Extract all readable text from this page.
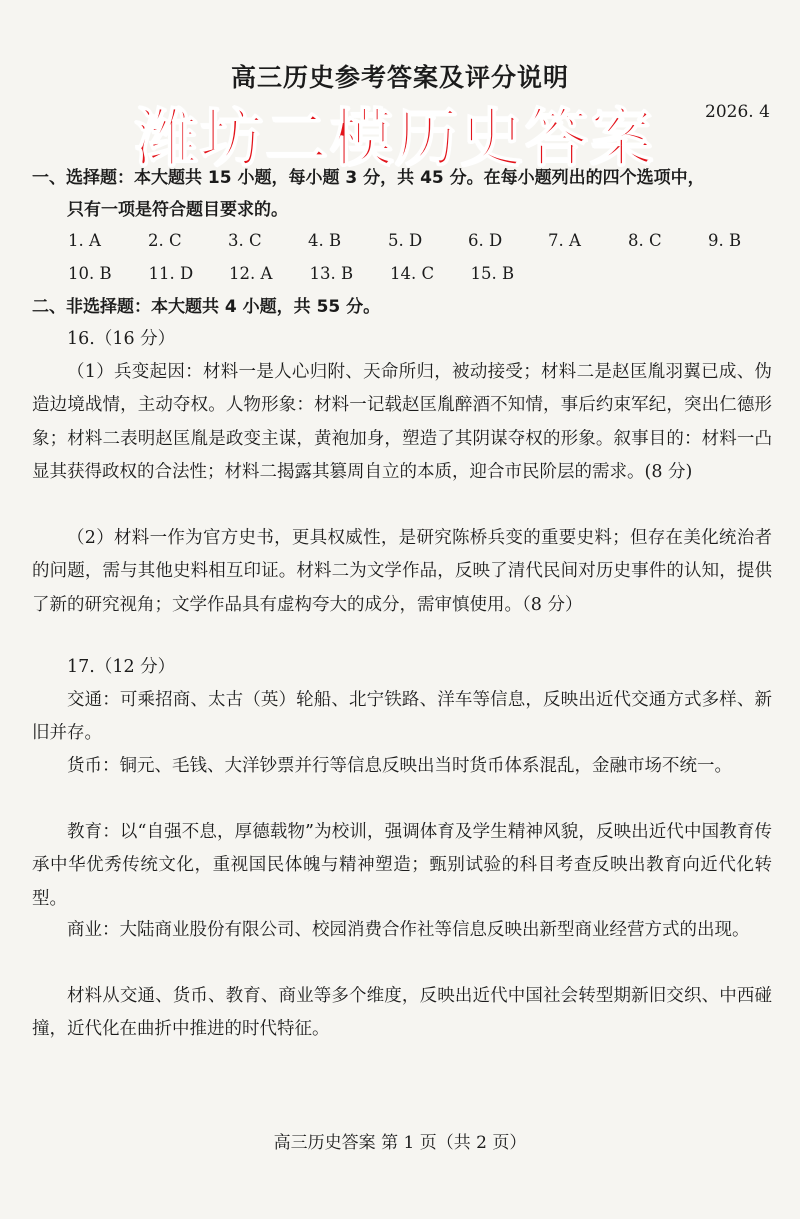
高三历史参考答案及评分说明
潍坊二模历史答案	2026. 4
一、选择题：本大题共 15 小题，每小题 3 分，共 45 分。在每小题列出的四个选项中，
只有一项是符合题目要求的。
1. A	2. C	3. C	4. B	5. D	6. D	7. A	8. C	9. B
10. B	11. D	12. A	13. B	14. C	15. B
二、非选择题：本大题共 4 小题，共 55 分。
16.（16 分）
（1）兵变起因：材料一是人心归附、天命所归，被动接受；材料二是赵匡胤羽翼已成、伪造边境战情，主动夺权。人物形象：材料一记载赵匡胤醉酒不知情，事后约束军纪，突出仁德形象；材料二表明赵匡胤是政变主谋，黄袍加身，塑造了其阴谋夺权的形象。叙事目的：材料一凸显其获得政权的合法性；材料二揭露其篡周自立的本质，迎合市民阶层的需求。(8 分)
（2）材料一作为官方史书，更具权威性，是研究陈桥兵变的重要史料；但存在美化统治者的问题，需与其他史料相互印证。材料二为文学作品，反映了清代民间对历史事件的认知，提供了新的研究视角；文学作品具有虚构夸大的成分，需审慎使用。（8 分）
17.（12 分）
交通：可乘招商、太古（英）轮船、北宁铁路、洋车等信息，反映出近代交通方式多样、新旧并存。
货币：铜元、毛钱、大洋钞票并行等信息反映出当时货币体系混乱，金融市场不统一。
教育：以“自强不息，厚德载物”为校训，强调体育及学生精神风貌，反映出近代中国教育传承中华优秀传统文化，重视国民体魄与精神塑造；甄别试验的科目考查反映出教育向近代化转型。
商业：大陆商业股份有限公司、校园消费合作社等信息反映出新型商业经营方式的出现。
材料从交通、货币、教育、商业等多个维度，反映出近代中国社会转型期新旧交织、中西碰撞，近代化在曲折中推进的时代特征。
高三历史答案 第 1 页（共 2 页）
